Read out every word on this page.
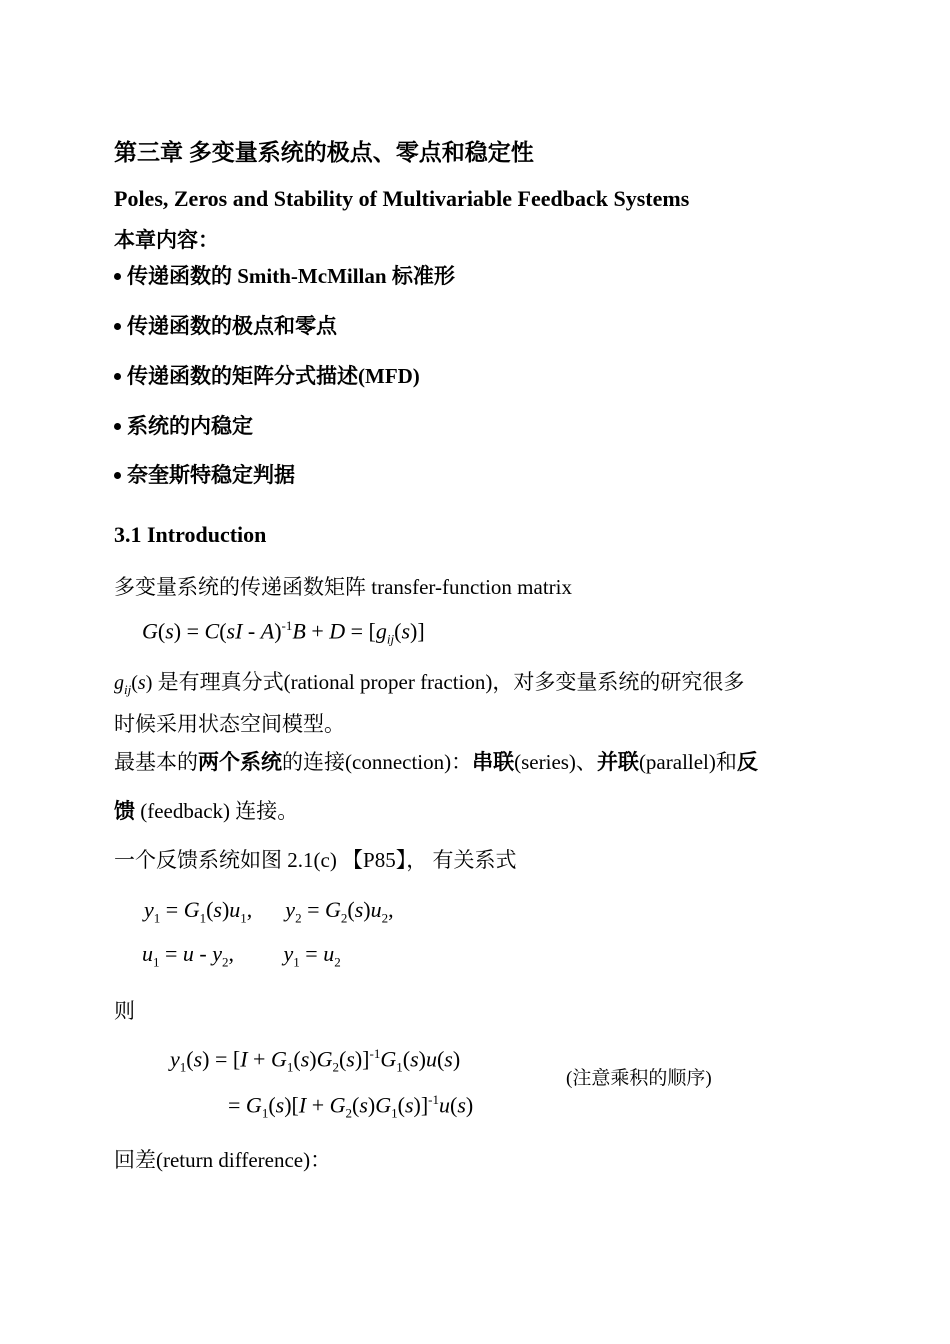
第三章 多变量系统的极点、零点和稳定性
Poles, Zeros and Stability of Multivariable Feedback Systems
本章内容：
传递函数的 Smith-McMillan 标准形
传递函数的极点和零点
传递函数的矩阵分式描述(MFD)
系统的内稳定
奈奎斯特稳定判据
3.1 Introduction
多变量系统的传递函数矩阵 transfer-function matrix
$G(s) = C(sI - A)^{-1}B + D = [g_{ij}(s)]$
$g_{ij}(s)$ 是有理真分式(rational proper fraction)，对多变量系统的研究很多
时候采用状态空间模型。
最基本的两个系统的连接(connection)：串联(series)、并联(parallel)和反
馈 (feedback) 连接。
一个反馈系统如图 2.1(c) 【P85】， 有关系式
$y_1 = G_1(s)u_1$,      $y_2 = G_2(s)u_2$,
$u_1 = u - y_2$,         $y_1 = u_2$
则
$y_1(s) = [I + G_1(s)G_2(s)]^{-1}G_1(s)u(s)$
= $G_1(s)[I + G_2(s)G_1(s)]^{-1}u(s)$
(注意乘积的顺序)
回差(return difference)：
